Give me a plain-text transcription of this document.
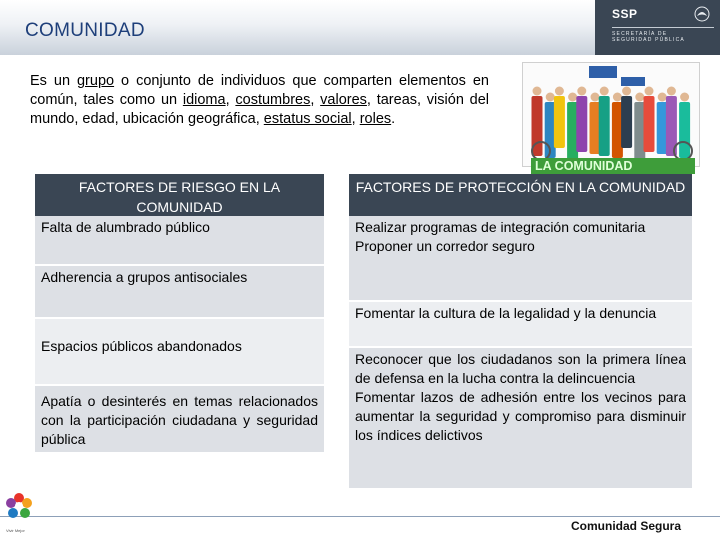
COMUNIDAD
SSP
SECRETARÍA DE
SEGURIDAD PÚBLICA
Es un grupo o conjunto de individuos que comparten elementos en común, tales como un idioma, costumbres, valores, tareas, visión del mundo, edad, ubicación geográfica, estatus social, roles.
LA COMUNIDAD
FACTORES DE RIESGO EN LA COMUNIDAD
Falta de alumbrado público
Adherencia a grupos antisociales
Espacios públicos abandonados
Apatía o desinterés en temas relacionados con la participación ciudadana y seguridad pública
FACTORES DE PROTECCIÓN EN LA COMUNIDAD
Realizar programas de integración comunitaria
Proponer un corredor seguro
Fomentar la cultura de la legalidad y la denuncia
Reconocer que los ciudadanos son la primera línea de defensa en la lucha contra la delincuencia
Fomentar lazos de adhesión entre los vecinos para aumentar la seguridad y compromiso para disminuir los índices delictivos
Comunidad Segura
Vivir Mejor
